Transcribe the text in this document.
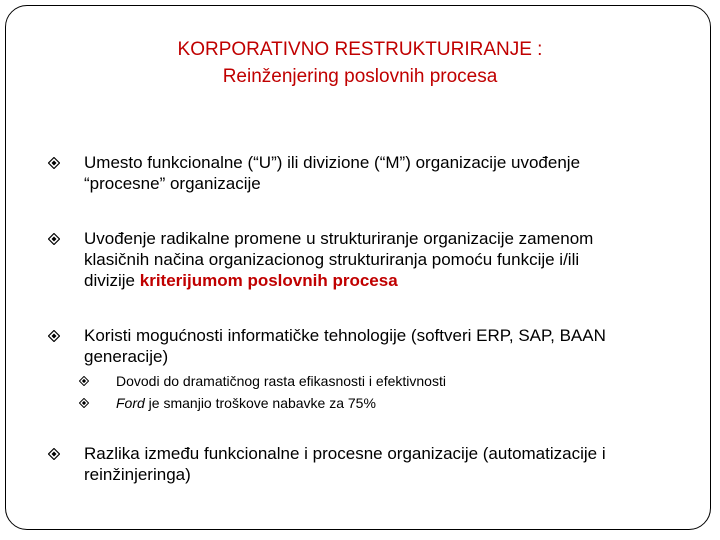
KORPORATIVNO RESTRUKTURIRANJE :
Reinženjering poslovnih procesa
Umesto funkcionalne (“U”) ili divizione (“M”) organizacije uvođenje
“procesne” organizacije
Uvođenje radikalne promene u strukturiranje organizacije zamenom
klasičnih načina organizacionog strukturiranja pomoću funkcije i/ili
divizije kriterijumom poslovnih procesa
Koristi mogućnosti informatičke tehnologije (softveri ERP, SAP, BAAN
generacije)
Dovodi do dramatičnog rasta efikasnosti i efektivnosti
Ford je smanjio troškove nabavke za 75%
Razlika između funkcionalne i procesne organizacije (automatizacije i
reinžinjeringa)
